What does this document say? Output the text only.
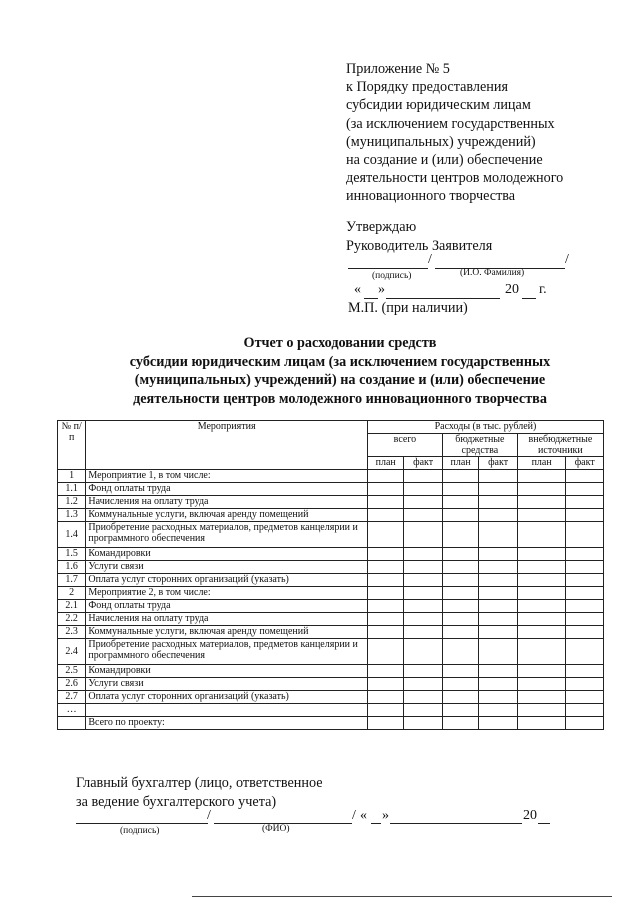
Приложение № 5
к Порядку предоставления
субсидии юридическим лицам
(за исключением государственных
(муниципальных) учреждений)
на создание и (или) обеспечение
деятельности центров молодежного
инновационного творчества
Утверждаю
Руководитель Заявителя
/	/
(подпись)	(И.О. Фамилия)
« »	20 г.
М.П. (при наличии)
Отчет о расходовании средств
субсидии юридическим лицам (за исключением государственных
(муниципальных) учреждений) на создание и (или) обеспечение
деятельности центров молодежного инновационного творчества
№ п/п	Мероприятия	Расходы (в тыс. рублей)					
		всего		бюджетные средства		внебюджетные источники	
		план	факт	план	факт	план	факт
1	Мероприятие 1, в том числе:						
1.1	Фонд оплаты труда						
1.2	Начисления на оплату труда						
1.3	Коммунальные услуги, включая аренду помещений						
1.4	Приобретение расходных материалов, предметов канцелярии и программного обеспечения						
1.5	Командировки						
1.6	Услуги связи						
1.7	Оплата услуг сторонних организаций (указать)						
2	Мероприятие 2, в том числе:						
2.1	Фонд оплаты труда						
2.2	Начисления на оплату труда						
2.3	Коммунальные услуги, включая аренду помещений						
2.4	Приобретение расходных материалов, предметов канцелярии и программного обеспечения						
2.5	Командировки						
2.6	Услуги связи						
2.7	Оплата услуг сторонних организаций (указать)						
…							
	Всего по проекту:						
Главный бухгалтер (лицо, ответственное
за ведение бухгалтерского учета)
/	/ « »	20
(подпись)	(ФИО)
